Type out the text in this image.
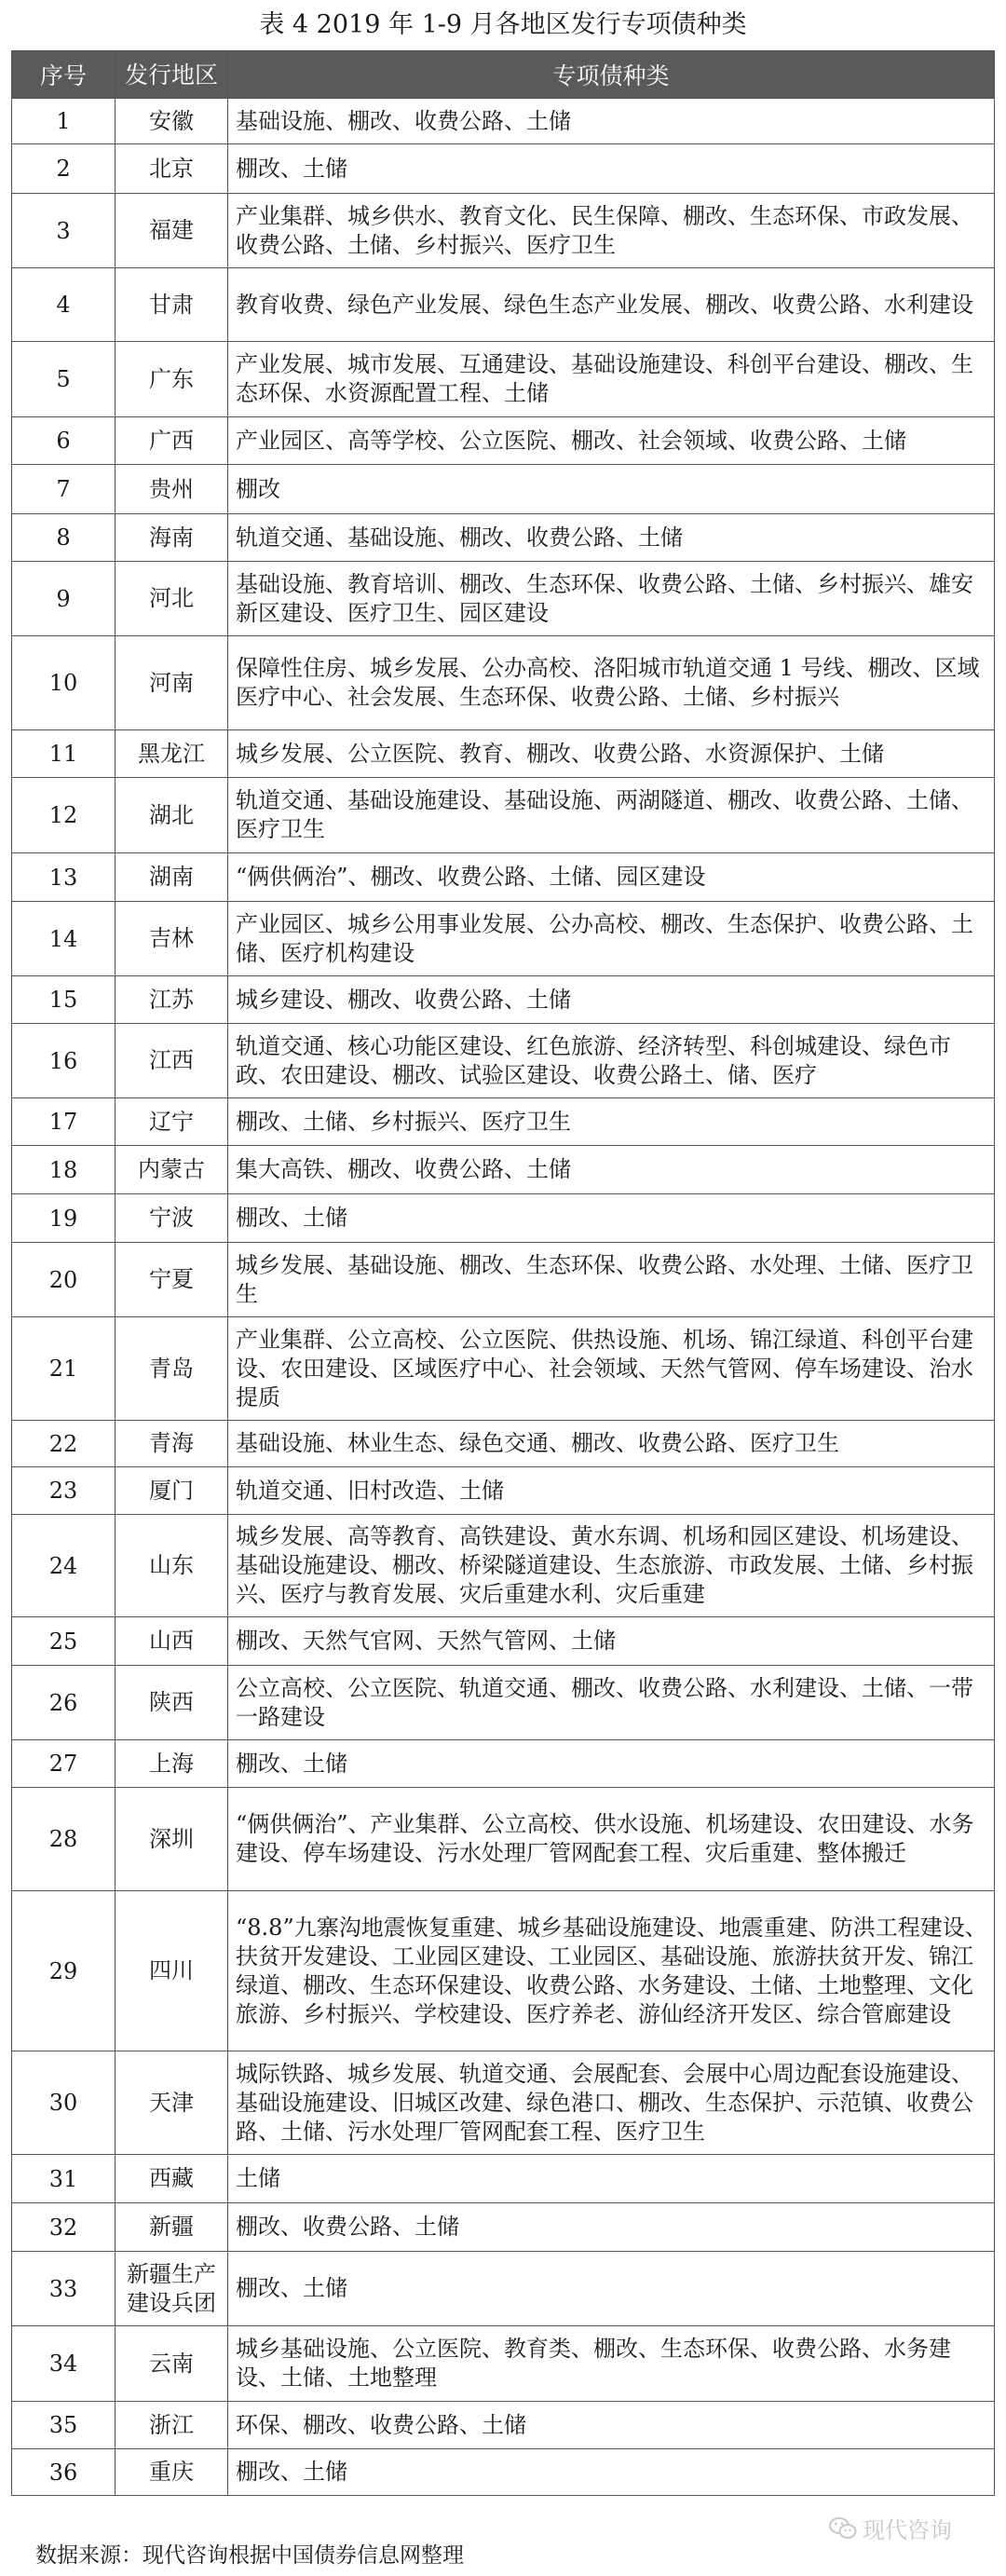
表 4 2019 年 1-9 月各地区发行专项债种类
序号	发行地区	专项债种类
1	安徽	基础设施、棚改、收费公路、土储
2	北京	棚改、土储
3	福建	产业集群、城乡供水、教育文化、民生保障、棚改、生态环保、市政发展、收费公路、土储、乡村振兴、医疗卫生
4	甘肃	教育收费、绿色产业发展、绿色生态产业发展、棚改、收费公路、水利建设
5	广东	产业发展、城市发展、互通建设、基础设施建设、科创平台建设、棚改、生态环保、水资源配置工程、土储
6	广西	产业园区、高等学校、公立医院、棚改、社会领域、收费公路、土储
7	贵州	棚改
8	海南	轨道交通、基础设施、棚改、收费公路、土储
9	河北	基础设施、教育培训、棚改、生态环保、收费公路、土储、乡村振兴、雄安新区建设、医疗卫生、园区建设
10	河南	保障性住房、城乡发展、公办高校、洛阳城市轨道交通 1 号线、棚改、区域医疗中心、社会发展、生态环保、收费公路、土储、乡村振兴
11	黑龙江	城乡发展、公立医院、教育、棚改、收费公路、水资源保护、土储
12	湖北	轨道交通、基础设施建设、基础设施、两湖隧道、棚改、收费公路、土储、医疗卫生
13	湖南	“俩供俩治”、棚改、收费公路、土储、园区建设
14	吉林	产业园区、城乡公用事业发展、公办高校、棚改、生态保护、收费公路、土储、医疗机构建设
15	江苏	城乡建设、棚改、收费公路、土储
16	江西	轨道交通、核心功能区建设、红色旅游、经济转型、科创城建设、绿色市政、农田建设、棚改、试验区建设、收费公路土、储、医疗
17	辽宁	棚改、土储、乡村振兴、医疗卫生
18	内蒙古	集大高铁、棚改、收费公路、土储
19	宁波	棚改、土储
20	宁夏	城乡发展、基础设施、棚改、生态环保、收费公路、水处理、土储、医疗卫生
21	青岛	产业集群、公立高校、公立医院、供热设施、机场、锦江绿道、科创平台建设、农田建设、区域医疗中心、社会领域、天然气管网、停车场建设、治水提质
22	青海	基础设施、林业生态、绿色交通、棚改、收费公路、医疗卫生
23	厦门	轨道交通、旧村改造、土储
24	山东	城乡发展、高等教育、高铁建设、黄水东调、机场和园区建设、机场建设、基础设施建设、棚改、桥梁隧道建设、生态旅游、市政发展、土储、乡村振兴、医疗与教育发展、灾后重建水利、灾后重建
25	山西	棚改、天然气官网、天然气管网、土储
26	陕西	公立高校、公立医院、轨道交通、棚改、收费公路、水利建设、土储、一带一路建设
27	上海	棚改、土储
28	深圳	“俩供俩治”、产业集群、公立高校、供水设施、机场建设、农田建设、水务建设、停车场建设、污水处理厂管网配套工程、灾后重建、整体搬迁
29	四川	“8.8”九寨沟地震恢复重建、城乡基础设施建设、地震重建、防洪工程建设、扶贫开发建设、工业园区建设、工业园区、基础设施、旅游扶贫开发、锦江绿道、棚改、生态环保建设、收费公路、水务建设、土储、土地整理、文化旅游、乡村振兴、学校建设、医疗养老、游仙经济开发区、综合管廊建设
30	天津	城际铁路、城乡发展、轨道交通、会展配套、会展中心周边配套设施建设、基础设施建设、旧城区改建、绿色港口、棚改、生态保护、示范镇、收费公路、土储、污水处理厂管网配套工程、医疗卫生
31	西藏	土储
32	新疆	棚改、收费公路、土储
33	新疆生产建设兵团	棚改、土储
34	云南	城乡基础设施、公立医院、教育类、棚改、生态环保、收费公路、水务建设、土储、土地整理
35	浙江	环保、棚改、收费公路、土储
36	重庆	棚改、土储
现代咨询
数据来源：现代咨询根据中国债券信息网整理
